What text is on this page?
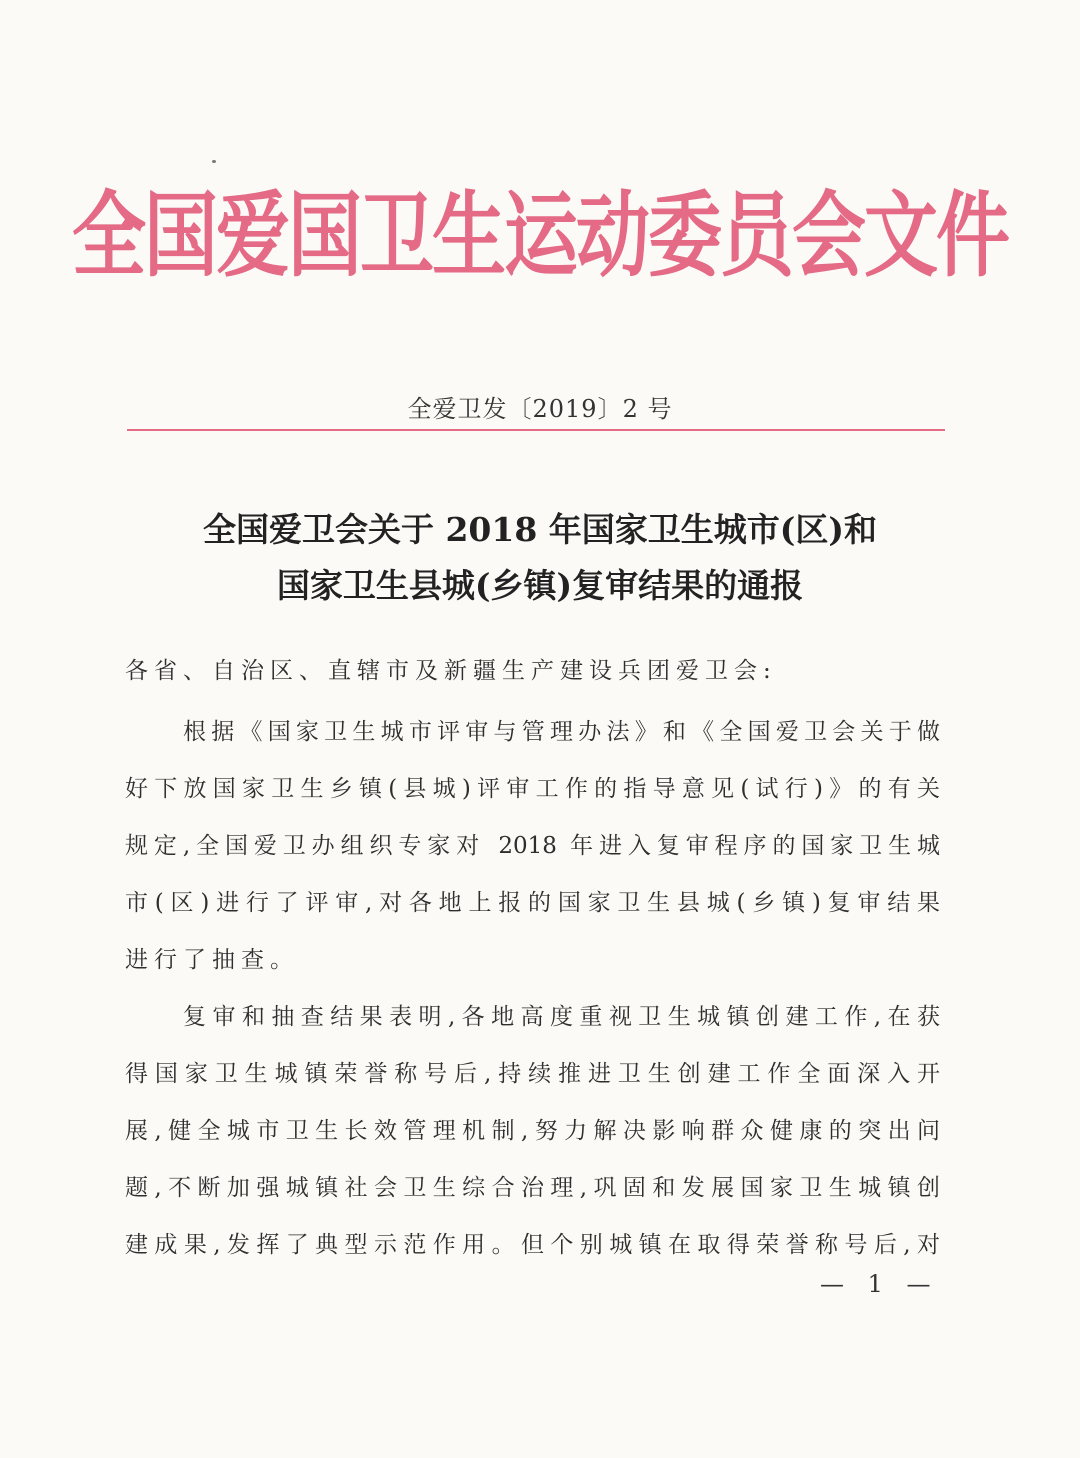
全国爱国卫生运动委员会文件
全爱卫发〔2019〕2 号
全国爱卫会关于 2018 年国家卫生城市(区)和
国家卫生县城(乡镇)复审结果的通报
各省、自治区、直辖市及新疆生产建设兵团爱卫会:
根据《国家卫生城市评审与管理办法》和《全国爱卫会关于做
好下放国家卫生乡镇(县城)评审工作的指导意见(试行)》的有关
规定,全国爱卫办组织专家对 2018 年进入复审程序的国家卫生城
市(区)进行了评审,对各地上报的国家卫生县城(乡镇)复审结果
进行了抽查。
复审和抽查结果表明,各地高度重视卫生城镇创建工作,在获
得国家卫生城镇荣誉称号后,持续推进卫生创建工作全面深入开
展,健全城市卫生长效管理机制,努力解决影响群众健康的突出问
题,不断加强城镇社会卫生综合治理,巩固和发展国家卫生城镇创
建成果,发挥了典型示范作用。但个别城镇在取得荣誉称号后,对
— 1 —
